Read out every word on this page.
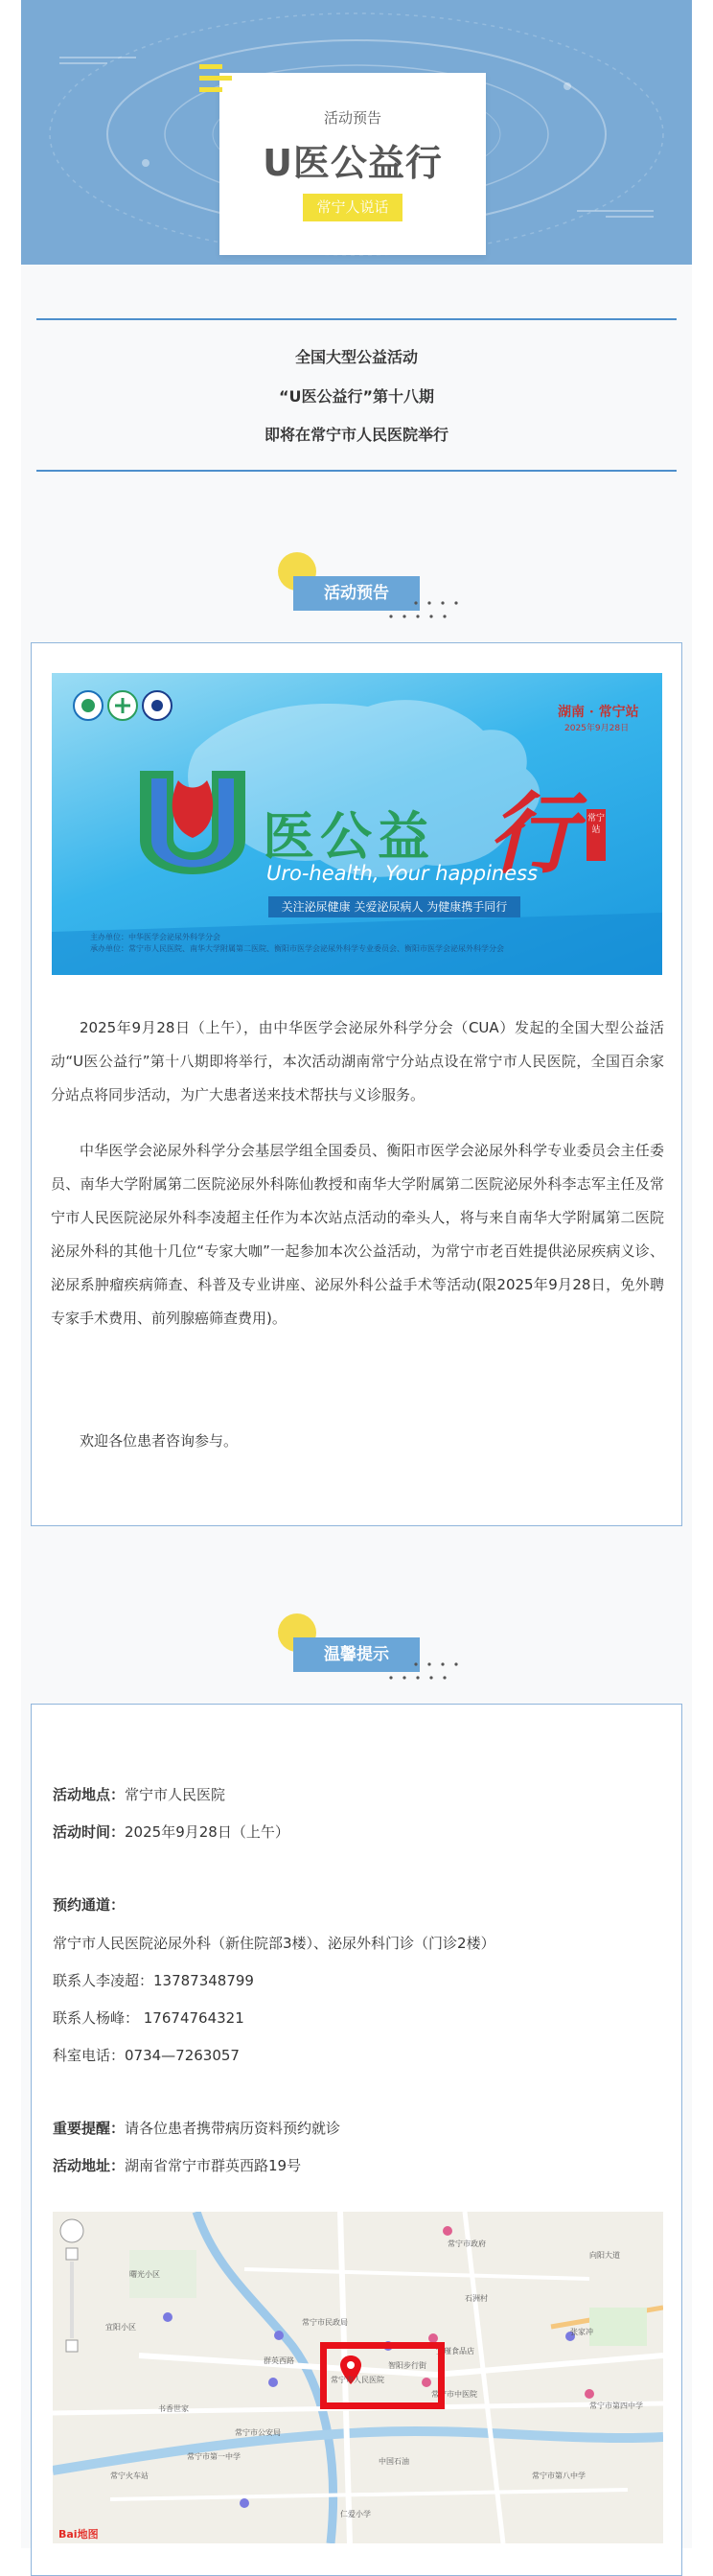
活动预告
U医公益行
常宁人说话
全国大型公益活动
“U医公益行”第十八期
即将在常宁市人民医院举行
活动预告
湖南 · 常宁站
2025年9月28日
医公益 行 常宁站
Uro-health, Your happiness
关注泌尿健康 关爱泌尿病人 为健康携手同行
主办单位：中华医学会泌尿外科学分会
承办单位：常宁市人民医院、南华大学附属第二医院、衡阳市医学会泌尿外科学专业委员会、衡阳市医学会泌尿外科学分会
2025年9月28日（上午），由中华医学会泌尿外科学分会（CUA）发起的全国大型公益活动“U医公益行”第十八期即将举行，本次活动湖南常宁分站点设在常宁市人民医院，全国百余家分站点将同步活动，为广大患者送来技术帮扶与义诊服务。
中华医学会泌尿外科学分会基层学组全国委员、衡阳市医学会泌尿外科学专业委员会主任委员、南华大学附属第二医院泌尿外科陈仙教授和南华大学附属第二医院泌尿外科李志军主任及常宁市人民医院泌尿外科李凌超主任作为本次站点活动的牵头人，将与来自南华大学附属第二医院泌尿外科的其他十几位“专家大咖”一起参加本次公益活动，为常宁市老百姓提供泌尿疾病义诊、泌尿系肿瘤疾病筛查、科普及专业讲座、泌尿外科公益手术等活动(限2025年9月28日，免外聘专家手术费用、前列腺癌筛查费用)。
欢迎各位患者咨询参与。
温馨提示
活动地点：常宁市人民医院
活动时间：2025年9月28日（上午）
预约通道：
常宁市人民医院泌尿外科（新住院部3楼）、泌尿外科门诊（门诊2楼）
联系人李凌超：13787348799
联系人杨峰： 17674764321
科室电话：0734—7263057
重要提醒：请各位患者携带病历资料预约就诊
活动地址：湖南省常宁市群英西路19号
常宁市政府
宜阳小区
曙光小区
群英西路
常宁市人民医院
智阳步行街
宜瑾食品店
常宁市中医院
书香世家	常宁市第四中学
常宁市民政局
石洲村
张家冲
中国石油
常宁市公安局
仁爱小学
常宁市第一中学
常宁市第八中学
向阳大道
常宁火车站
Bai地图
